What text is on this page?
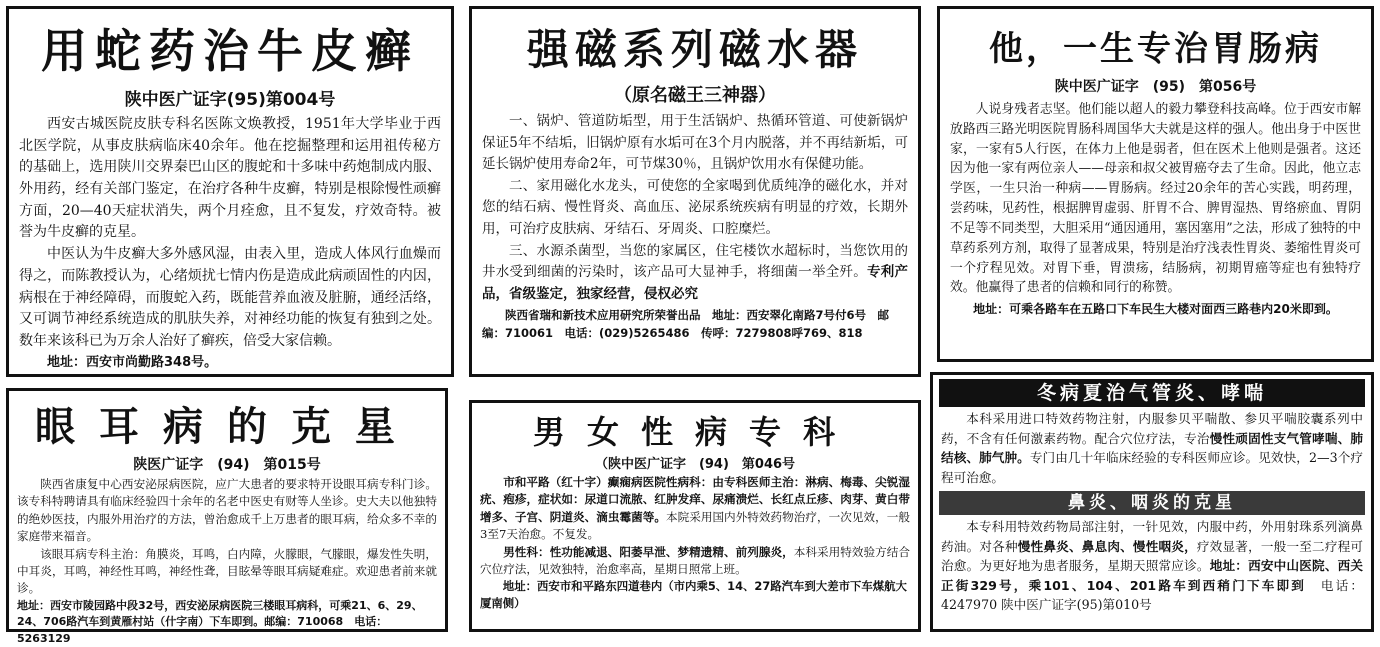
用蛇药治牛皮癣
陕中医广证字(95)第004号

西安古城医院皮肤专科名医陈文焕教授，1951年大学毕业于西北医学院，从事皮肤病临床40余年。他在挖掘整理和运用祖传秘方的基础上，选用陕川交界秦巴山区的腹蛇和十多味中药炮制成内服、外用药，经有关部门鉴定，在治疗各种牛皮癣，特别是根除慢性顽癣方面，20—40天症状消失，两个月痊愈，且不复发，疗效奇特。被誉为牛皮癣的克星。

中医认为牛皮癣大多外感风湿，由表入里，造成人体风行血燥而得之，而陈教授认为，心绪烦扰七情内伤是造成此病顽固性的内因，病根在于神经障碍，而腹蛇入药，既能营养血液及脏腑，通经活络，又可调节神经系统造成的肌肤失养，对神经功能的恢复有独到之处。数年来该科已为万余人治好了癣疾，倍受大家信赖。

地址：西安市尚勤路348号。
强磁系列磁水器
（原名磁王三神器）

一、锅炉、管道防垢型，用于生活锅炉、热循环管道、可使新锅炉保证5年不结垢，旧锅炉原有水垢可在3个月内脱落，并不再结新垢，可延长锅炉使用寿命2年，可节煤30％，且锅炉饮用水有保健功能。

二、家用磁化水龙头，可使您的全家喝到优质纯净的磁化水，并对您的结石病、慢性肾炎、高血压、泌尿系统疾病有明显的疗效，长期外用，可治疗皮肤病、牙结石、牙周炎、口腔糜烂。

三、水源杀菌型，当您的家属区，住宅楼饮水超标时，当您饮用的井水受到细菌的污染时，该产品可大显神手，将细菌一举全歼。专利产品，省级鉴定，独家经营，侵权必究

陕西省瑞和新技术应用研究所荣誉出品　地址：西安翠化南路7号付6号　邮编：710061　电话：(029)5265486　传呼：7279808呼769、818
他，一生专治胃肠病
陕中医广证字　(95)　第056号

人说身残者志坚。他们能以超人的毅力攀登科技高峰。位于西安市解放路西三路光明医院胃肠科周国华大夫就是这样的强人。他出身于中医世家，一家有5人行医，在体力上他是弱者，但在医术上他则是强者。这还因为他一家有两位亲人——母亲和叔父被胃癌夺去了生命。因此，他立志学医，一生只治一种病——胃肠病。经过20余年的苦心实践，明药理，尝药味，见药性，根据脾胃虚弱、肝胃不合、脾胃湿热、胃络瘀血、胃阴不足等不同类型，大胆采用“通因通用，塞因塞用”之法，形成了独特的中草药系列方剂，取得了显著成果，特别是治疗浅表性胃炎、萎缩性胃炎可一个疗程见效。对胃下垂，胃溃疡，结肠病，初期胃癌等症也有独特疗效。他赢得了患者的信赖和同行的称赞。

地址：可乘各路车在五路口下车民生大楼对面西三路巷内20米即到。
眼耳病的克星
陕医广证字　(94)　第015号

陕西省康复中心西安泌尿病医院，应广大患者的要求特开设眼耳病专科门诊。该专科特聘请具有临床经验四十余年的名老中医史有财等人坐诊。史大夫以他独特的绝妙医技，内服外用治疗的方法，曾治愈成千上万患者的眼耳病，给众多不幸的家庭带来福音。

该眼耳病专科主治：角膜炎，耳鸣，白内障，火朦眼，气朦眼，爆发性失明，中耳炎，耳鸣，神经性耳鸣，神经性聋，目眩晕等眼耳病疑难症。欢迎患者前来就诊。

地址：西安市陵园路中段32号，西安泌尿病医院三楼眼耳病科，可乘21、6、29、24、706路汽车到黄雁村站（什字南）下车即到。邮编：710068　电话：5263129
男女性病专科
（陕中医广证字　(94)　第046号

市和平路（红十字）癫痫病医院性病科：由专科医师主治：淋病、梅毒、尖锐湿疣、疱疹，症状如：尿道口流脓、红肿发痒、尿痛溃烂、长红点丘疹、肉芽、黄白带增多、子宫、阴道炎、滴虫霉菌等。本院采用国内外特效药物治疗，一次见效，一般3至7天治愈。不复发。

男性科：性功能减退、阳萎早泄、梦精遗精、前列腺炎，本科采用特效验方结合穴位疗法，见效独特，治愈率高，星期日照常上班。

地址：西安市和平路东四道巷内（市内乘5、14、27路汽车到大差市下车煤航大厦南侧）
冬病夏治气管炎、哮喘

本科采用进口特效药物注射，内服参贝平喘散、参贝平喘胶囊系列中药，不含有任何激素药物。配合穴位疗法，专治慢性顽固性支气管哮喘、肺结核、肺气肿。专门由几十年临床经验的专科医师应诊。见效快，2—3个疗程可治愈。

鼻炎、咽炎的克星

本专科用特效药物局部注射，一针见效，内服中药，外用射珠系列滴鼻药油。对各种慢性鼻炎、鼻息肉、慢性咽炎，疗效显著，一般一至二疗程可治愈。为更好地为患者服务，星期天照常应诊。地址：西安中山医院、西关正街329号，乘101、104、201路车到西稍门下车即到　电话：4247970 陕中医广证字(95)第010号
